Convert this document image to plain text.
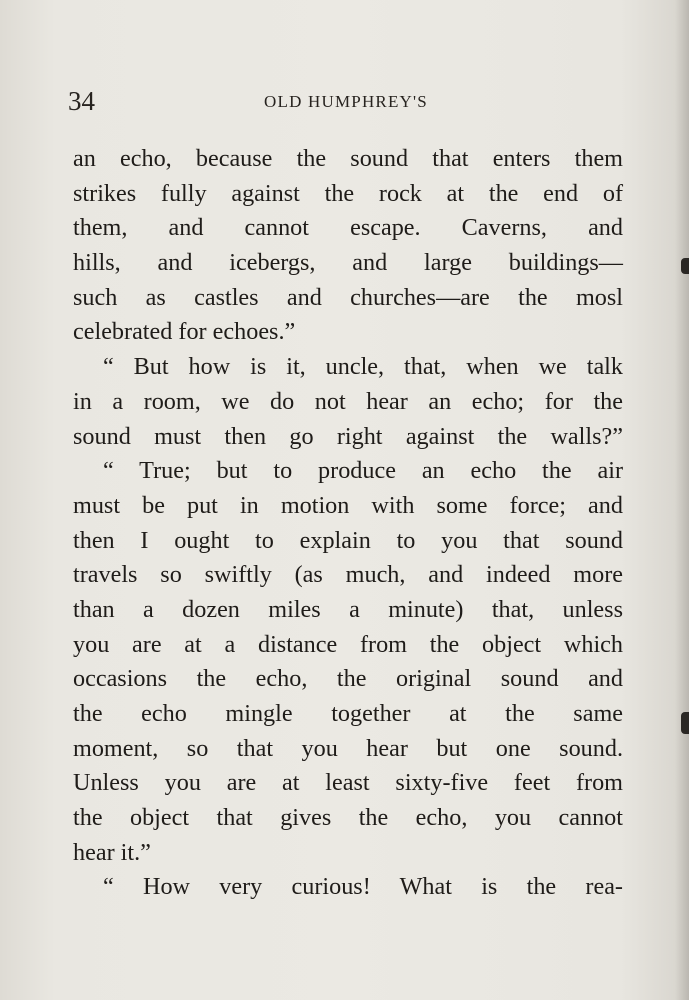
34	OLD HUMPHREY'S
an echo, because the sound that enters them
strikes fully against the rock at the end of
them, and cannot escape. Caverns, and
hills, and icebergs, and large buildings—
such as castles and churches—are the mosl
celebrated for echoes.”
“ But how is it, uncle, that, when we talk
in a room, we do not hear an echo; for the
sound must then go right against the walls?”
“ True; but to produce an echo the air
must be put in motion with some force; and
then I ought to explain to you that sound
travels so swiftly (as much, and indeed more
than a dozen miles a minute) that, unless
you are at a distance from the object which
occasions the echo, the original sound and
the echo mingle together at the same
moment, so that you hear but one sound.
Unless you are at least sixty-five feet from
the object that gives the echo, you cannot
hear it.”
“ How very curious! What is the rea-
